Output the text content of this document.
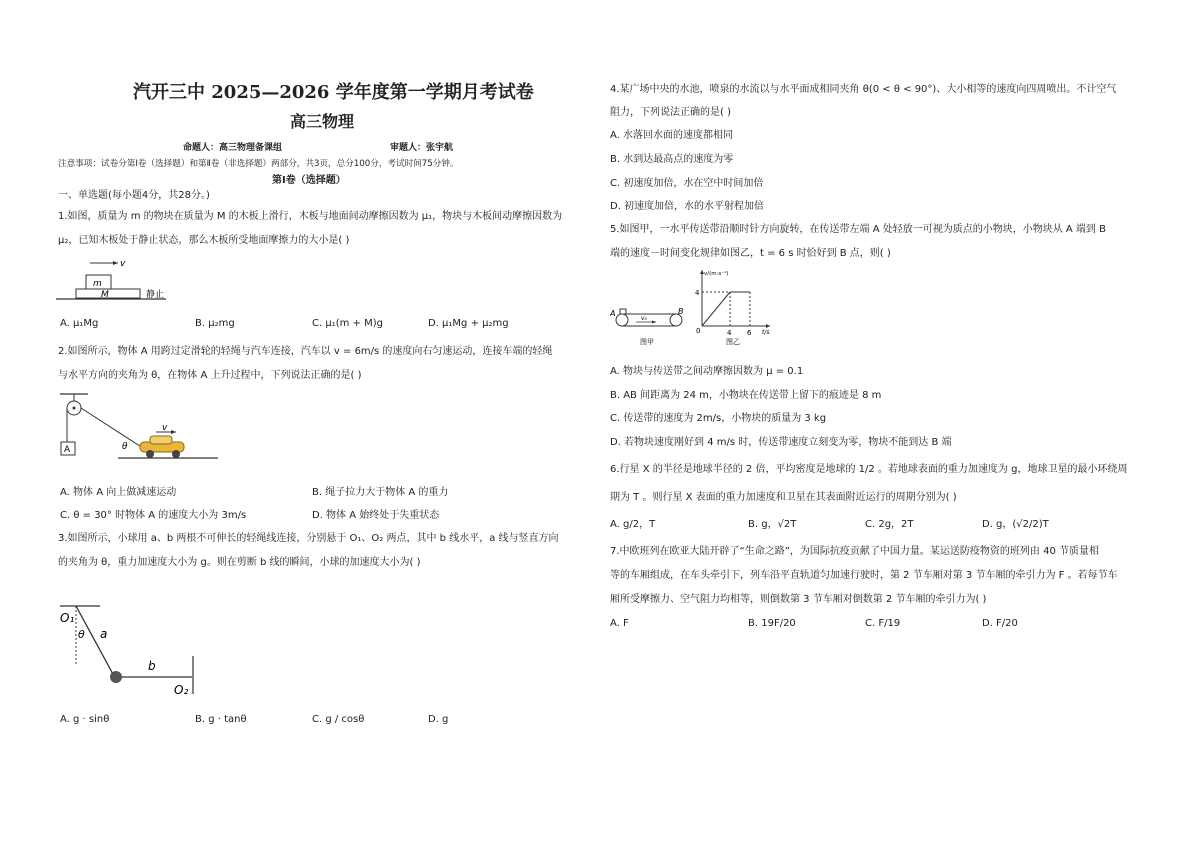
汽开三中 2025—2026 学年度第一学期月考试卷
高三物理
命题人：高三物理备课组	审题人：张宇航
注意事项：试卷分第Ⅰ卷（选择题）和第Ⅱ卷（非选择题）两部分，共3页，总分100分，考试时间75分钟。
第Ⅰ卷（选择题）
一、单选题(每小题4分，共28分。)
1.如图，质量为 m 的物块在质量为 M 的木板上滑行，木板与地面间动摩擦因数为 μ₁，物块与木板间动摩擦因数为
μ₂，已知木板处于静止状态，那么木板所受地面摩擦力的大小是( )
v
m
M	静止
A. μ₁Mg	B. μ₂mg	C. μ₁(m + M)g	D. μ₁Mg + μ₂mg
2.如图所示，物体 A 用跨过定滑轮的轻绳与汽车连接，汽车以 v = 6m/s 的速度向右匀速运动，连接车端的轻绳
与水平方向的夹角为 θ，在物体 A 上升过程中，下列说法正确的是( )
A	θ
v
A. 物体 A 向上做减速运动	B. 绳子拉力大于物体 A 的重力
C. θ = 30° 时物体 A 的速度大小为 3m/s	D. 物体 A 始终处于失重状态
3.如图所示，小球用 a、b 两根不可伸长的轻绳线连接，分别悬于 O₁、O₂ 两点，其中 b 线水平，a 线与竖直方向
的夹角为 θ，重力加速度大小为 g。则在剪断 b 线的瞬间，小球的加速度大小为( )
O₁
θ a
b
O₂
A. g · sinθ	B. g · tanθ	C. g / cosθ	D. g
4.某广场中央的水池，喷泉的水流以与水平面成相同夹角 θ(0 < θ < 90°)、大小相等的速度向四周喷出。不计空气
阻力，下列说法正确的是( )
A. 水落回水面的速度都相同
B. 水到达最高点的速度为零
C. 初速度加倍，水在空中时间加倍
D. 初速度加倍，水的水平射程加倍
5.如图甲，一水平传送带沿顺时针方向旋转，在传送带左端 A 处轻放一可视为质点的小物块，小物块从 A 端到 B
端的速度－时间变化规律如图乙，t = 6 s 时恰好到 B 点，则( )
A	B
v₀
图甲
v/(m·s⁻¹)
t/s
4
4 6
0
图乙
A. 物块与传送带之间动摩擦因数为 μ = 0.1
B. AB 间距离为 24 m，小物块在传送带上留下的痕迹是 8 m
C. 传送带的速度为 2m/s，小物块的质量为 3 kg
D. 若物块速度刚好到 4 m/s 时，传送带速度立刻变为零，物块不能到达 B 端
6.行星 X 的半径是地球半径的 2 倍，平均密度是地球的 1/2 。若地球表面的重力加速度为 g，地球卫星的最小环绕周
期为 T 。则行星 X 表面的重力加速度和卫星在其表面附近运行的周期分别为( )
A. g/2，T	B. g，√2T	C. 2g，2T	D. g，(√2/2)T
7.中欧班列在欧亚大陆开辟了“生命之路”，为国际抗疫贡献了中国力量。某运送防疫物资的班列由 40 节质量相
等的车厢组成，在车头牵引下，列车沿平直轨道匀加速行驶时，第 2 节车厢对第 3 节车厢的牵引力为 F 。若每节车
厢所受摩擦力、空气阻力均相等，则倒数第 3 节车厢对倒数第 2 节车厢的牵引力为( )
A. F	B. 19F/20	C. F/19	D. F/20
